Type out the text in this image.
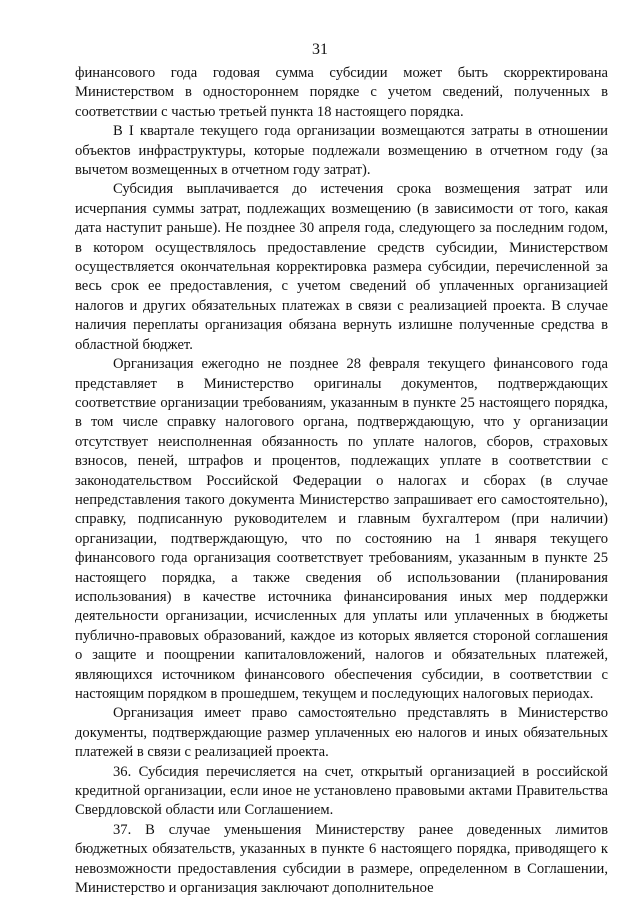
31

финансового года годовая сумма субсидии может быть скорректирована Министерством в одностороннем порядке с учетом сведений, полученных в соответствии с частью третьей пункта 18 настоящего порядка.

В I квартале текущего года организации возмещаются затраты в отношении объектов инфраструктуры, которые подлежали возмещению в отчетном году (за вычетом возмещенных в отчетном году затрат).

Субсидия выплачивается до истечения срока возмещения затрат или исчерпания суммы затрат, подлежащих возмещению (в зависимости от того, какая дата наступит раньше). Не позднее 30 апреля года, следующего за последним годом, в котором осуществлялось предоставление средств субсидии, Министерством осуществляется окончательная корректировка размера субсидии, перечисленной за весь срок ее предоставления, с учетом сведений об уплаченных организацией налогов и других обязательных платежах в связи с реализацией проекта. В случае наличия переплаты организация обязана вернуть излишне полученные средства в областной бюджет.

Организация ежегодно не позднее 28 февраля текущего финансового года представляет в Министерство оригиналы документов, подтверждающих соответствие организации требованиям, указанным в пункте 25 настоящего порядка, в том числе справку налогового органа, подтверждающую, что у организации отсутствует неисполненная обязанность по уплате налогов, сборов, страховых взносов, пеней, штрафов и процентов, подлежащих уплате в соответствии с законодательством Российской Федерации о налогах и сборах (в случае непредставления такого документа Министерство запрашивает его самостоятельно), справку, подписанную руководителем и главным бухгалтером (при наличии) организации, подтверждающую, что по состоянию на 1 января текущего финансового года организация соответствует требованиям, указанным в пункте 25 настоящего порядка, а также сведения об использовании (планирования использования) в качестве источника финансирования иных мер поддержки деятельности организации, исчисленных для уплаты или уплаченных в бюджеты публично-правовых образований, каждое из которых является стороной соглашения о защите и поощрении капиталовложений, налогов и обязательных платежей, являющихся источником финансового обеспечения субсидии, в соответствии с настоящим порядком в прошедшем, текущем и последующих налоговых периодах.

Организация имеет право самостоятельно представлять в Министерство документы, подтверждающие размер уплаченных ею налогов и иных обязательных платежей в связи с реализацией проекта.

36. Субсидия перечисляется на счет, открытый организацией в российской кредитной организации, если иное не установлено правовыми актами Правительства Свердловской области или Соглашением.

37. В случае уменьшения Министерству ранее доведенных лимитов бюджетных обязательств, указанных в пункте 6 настоящего порядка, приводящего к невозможности предоставления субсидии в размере, определенном в Соглашении, Министерство и организация заключают дополнительное
